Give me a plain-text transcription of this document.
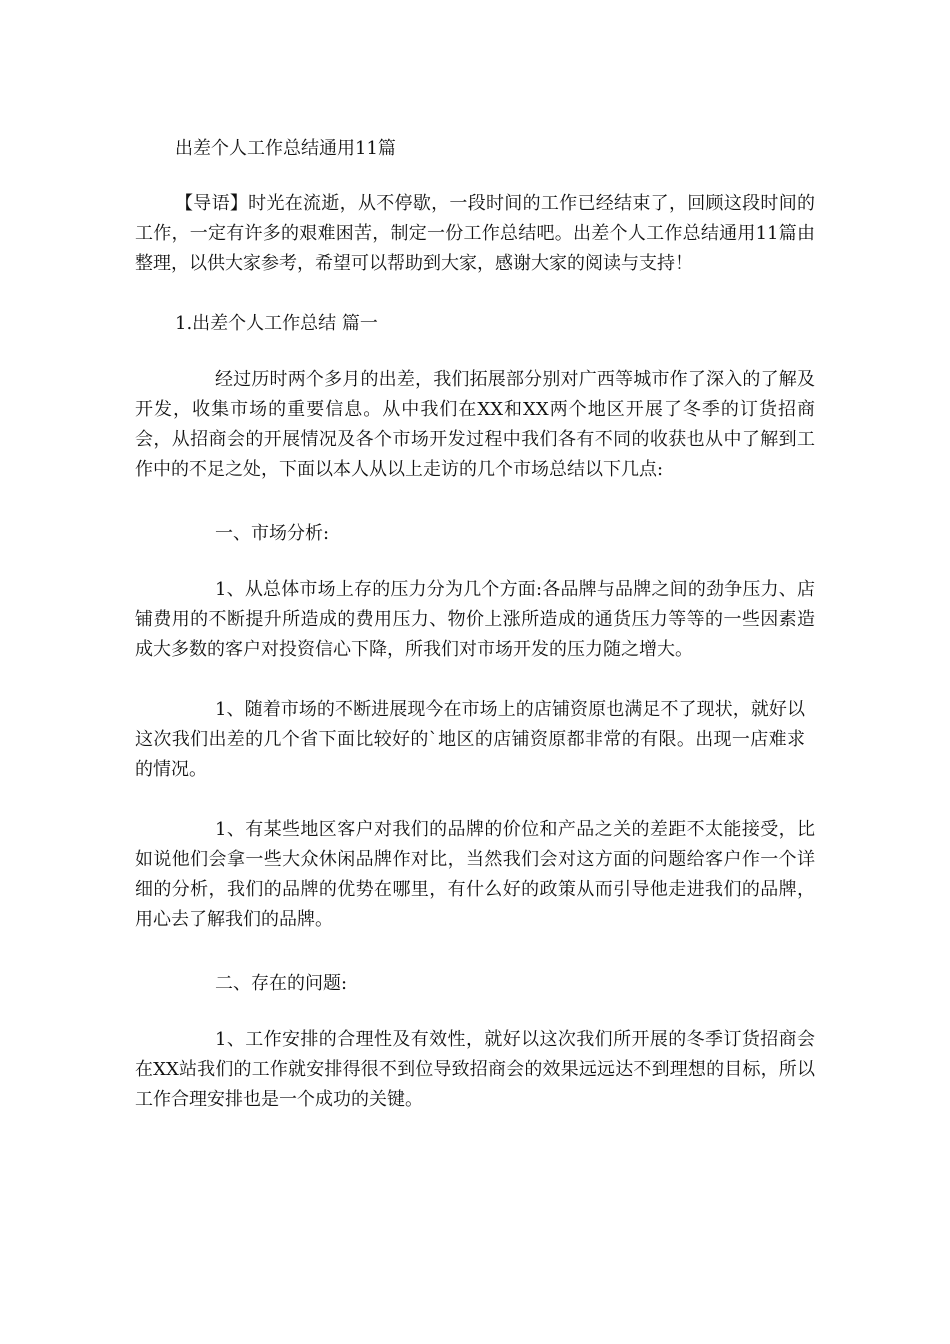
出差个人工作总结通用11篇

【导语】时光在流逝，从不停歇，一段时间的工作已经结束了，回顾这段时间的工作，一定有许多的艰难困苦，制定一份工作总结吧。出差个人工作总结通用11篇由整理，以供大家参考，希望可以帮助到大家，感谢大家的阅读与支持！

1.出差个人工作总结 篇一

经过历时两个多月的出差，我们拓展部分别对广西等城市作了深入的了解及开发，收集市场的重要信息。从中我们在XX和XX两个地区开展了冬季的订货招商会，从招商会的开展情况及各个市场开发过程中我们各有不同的收获也从中了解到工作中的不足之处，下面以本人从以上走访的几个市场总结以下几点:

一、市场分析:

1、从总体市场上存的压力分为几个方面:各品牌与品牌之间的劲争压力、店铺费用的不断提升所造成的费用压力、物价上涨所造成的通货压力等等的一些因素造成大多数的客户对投资信心下降，所我们对市场开发的压力随之增大。

1、随着市场的不断进展现今在市场上的店铺资原也满足不了现状，就好以这次我们出差的几个省下面比较好的`地区的店铺资原都非常的有限。出现一店难求的情况。

1、有某些地区客户对我们的品牌的价位和产品之关的差距不太能接受，比如说他们会拿一些大众休闲品牌作对比，当然我们会对这方面的问题给客户作一个详细的分析，我们的品牌的优势在哪里，有什么好的政策从而引导他走进我们的品牌，用心去了解我们的品牌。

二、存在的问题:

1、工作安排的合理性及有效性，就好以这次我们所开展的冬季订货招商会在XX站我们的工作就安排得很不到位导致招商会的效果远远达不到理想的目标，所以工作合理安排也是一个成功的关键。
